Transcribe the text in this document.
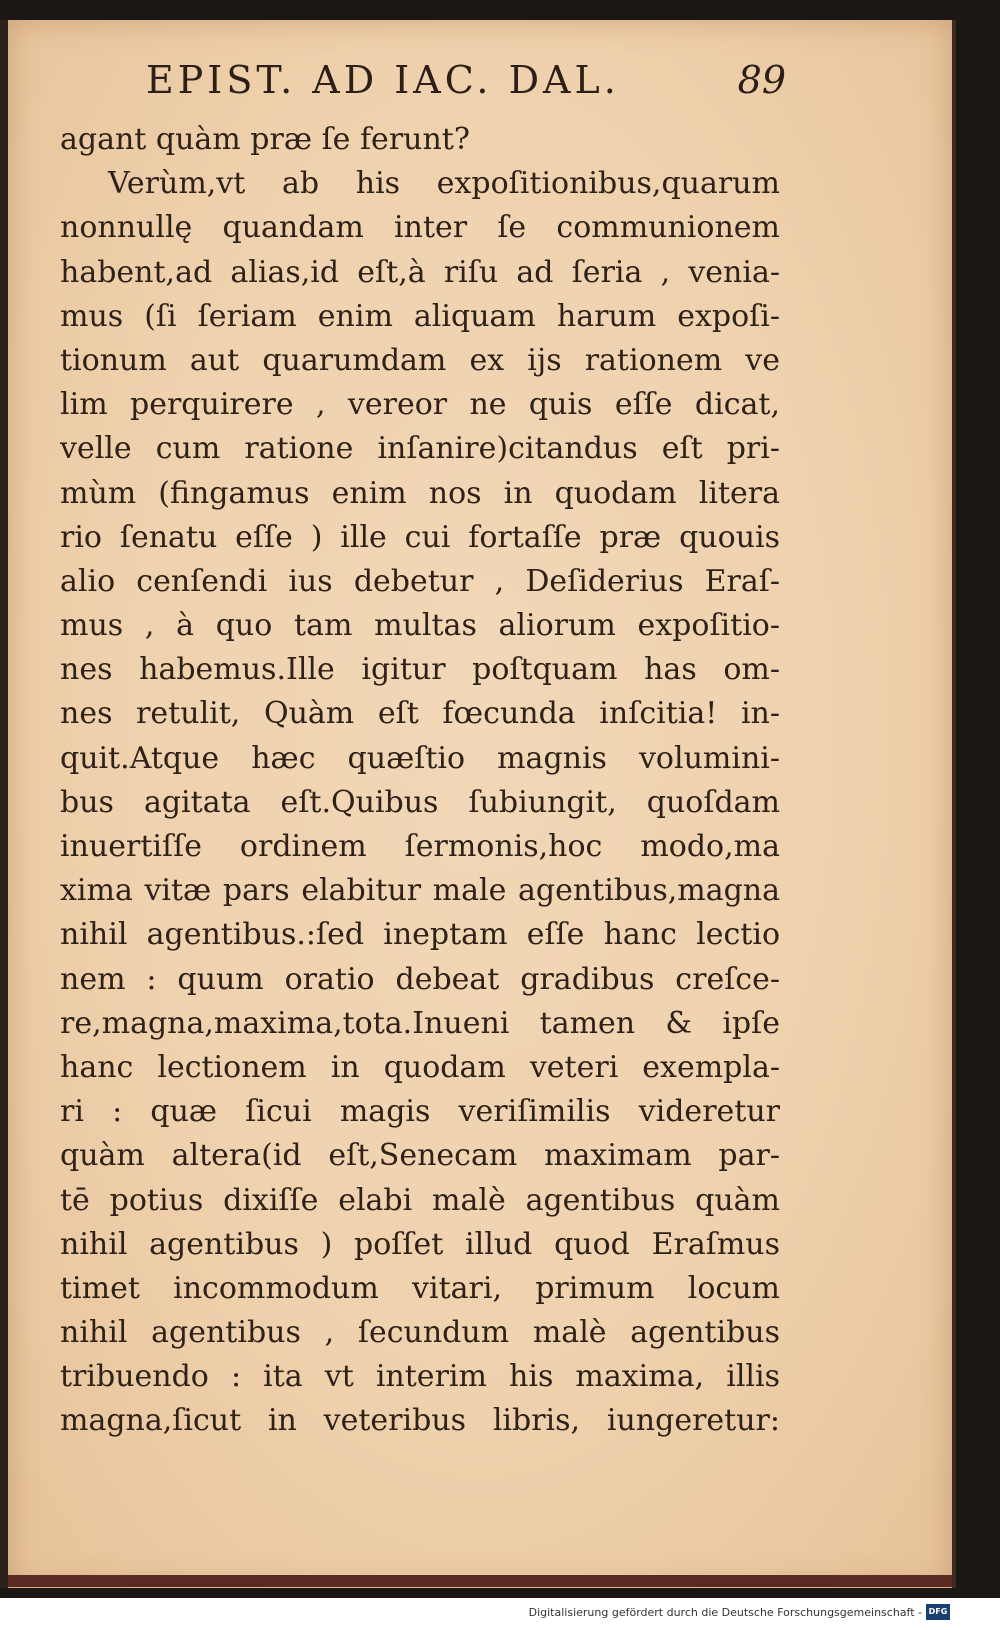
EPIST. AD IAC. DAL.	89
agant quàm præ ſe ferunt?
Verùm,vt ab his expoſitionibus,quarum
nonnullę quandam inter ſe communionem
habent,ad alias,id eſt,à riſu ad ſeria , venia-
mus (ſi ſeriam enim aliquam harum expoſi-
tionum aut quarumdam ex ijs rationem ve
lim perquirere , vereor ne quis eſſe dicat,
velle cum ratione inſanire)citandus eſt pri-
mùm (fingamus enim nos in quodam litera
rio ſenatu eſſe ) ille cui fortaſſe præ quouis
alio cenſendi ius debetur , Deſiderius Eraſ-
mus , à quo tam multas aliorum expoſitio-
nes habemus.Ille igitur poſtquam has om-
nes retulit, Quàm eſt fœcunda inſcitia! in-
quit.Atque hæc quæſtio magnis volumini-
bus agitata eſt.Quibus ſubiungit, quoſdam
inuertiſſe ordinem ſermonis,hoc modo,ma
xima vitæ pars elabitur male agentibus,magna
nihil agentibus.:ſed ineptam eſſe hanc lectio
nem : quum oratio debeat gradibus creſce-
re,magna,maxima,tota.Inueni tamen & ipſe
hanc lectionem in quodam veteri exempla-
ri : quæ ſicui magis veriſimilis videretur
quàm altera(id eſt,Senecam maximam par-
tē potius dixiſſe elabi malè agentibus quàm
nihil agentibus ) poſſet illud quod Eraſmus
timet incommodum vitari, primum locum
nihil agentibus , ſecundum malè agentibus
tribuendo : ita vt interim his maxima, illis
magna,ſicut in veteribus libris, iungeretur:
Digitalisierung gefördert durch die Deutsche Forschungsgemeinschaft - DFG
